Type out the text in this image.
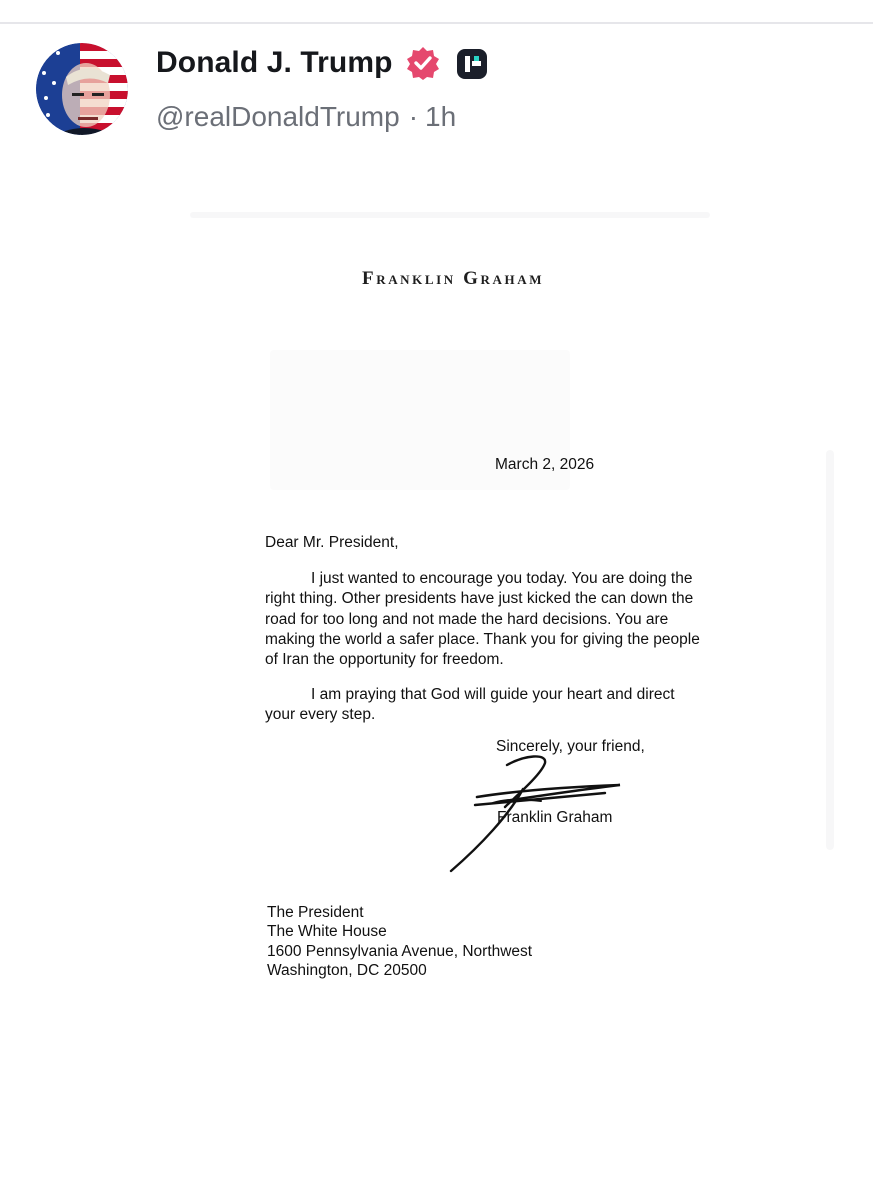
Donald J. Trump
@realDonaldTrump · 1h
Franklin Graham
March 2, 2026
Dear Mr. President,
I just wanted to encourage you today. You are doing the
right thing. Other presidents have just kicked the can down the
road for too long and not made the hard decisions. You are
making the world a safer place. Thank you for giving the people
of Iran the opportunity for freedom.
I am praying that God will guide your heart and direct
your every step.
Sincerely, your friend,
Franklin Graham
The President
The White House
1600 Pennsylvania Avenue, Northwest
Washington, DC 20500
